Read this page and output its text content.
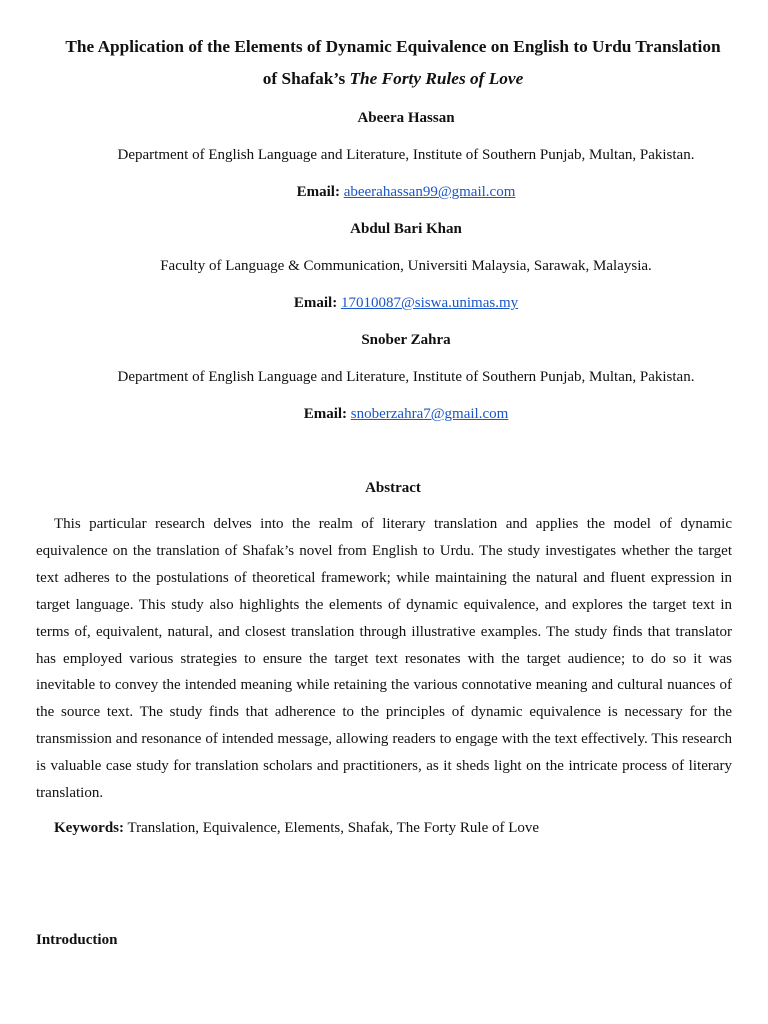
The Application of the Elements of Dynamic Equivalence on English to Urdu Translation
of Shafak’s The Forty Rules of Love

Abeera Hassan

Department of English Language and Literature, Institute of Southern Punjab, Multan, Pakistan.

Email: abeerahassan99@gmail.com

Abdul Bari Khan

Faculty of Language & Communication, Universiti Malaysia, Sarawak, Malaysia.

Email: 17010087@siswa.unimas.my

Snober Zahra

Department of English Language and Literature, Institute of Southern Punjab, Multan, Pakistan.

Email: snoberzahra7@gmail.com

Abstract

This particular research delves into the realm of literary translation and applies the model of dynamic equivalence on the translation of Shafak’s novel from English to Urdu. The study investigates whether the target text adheres to the postulations of theoretical framework; while maintaining the natural and fluent expression in target language. This study also highlights the elements of dynamic equivalence, and explores the target text in terms of, equivalent, natural, and closest translation through illustrative examples. The study finds that translator has employed various strategies to ensure the target text resonates with the target audience; to do so it was inevitable to convey the intended meaning while retaining the various connotative meaning and cultural nuances of the source text. The study finds that adherence to the principles of dynamic equivalence is necessary for the transmission and resonance of intended message, allowing readers to engage with the text effectively. This research is valuable case study for translation scholars and practitioners, as it sheds light on the intricate process of literary translation.

Keywords: Translation, Equivalence, Elements, Shafak, The Forty Rule of Love

Introduction
